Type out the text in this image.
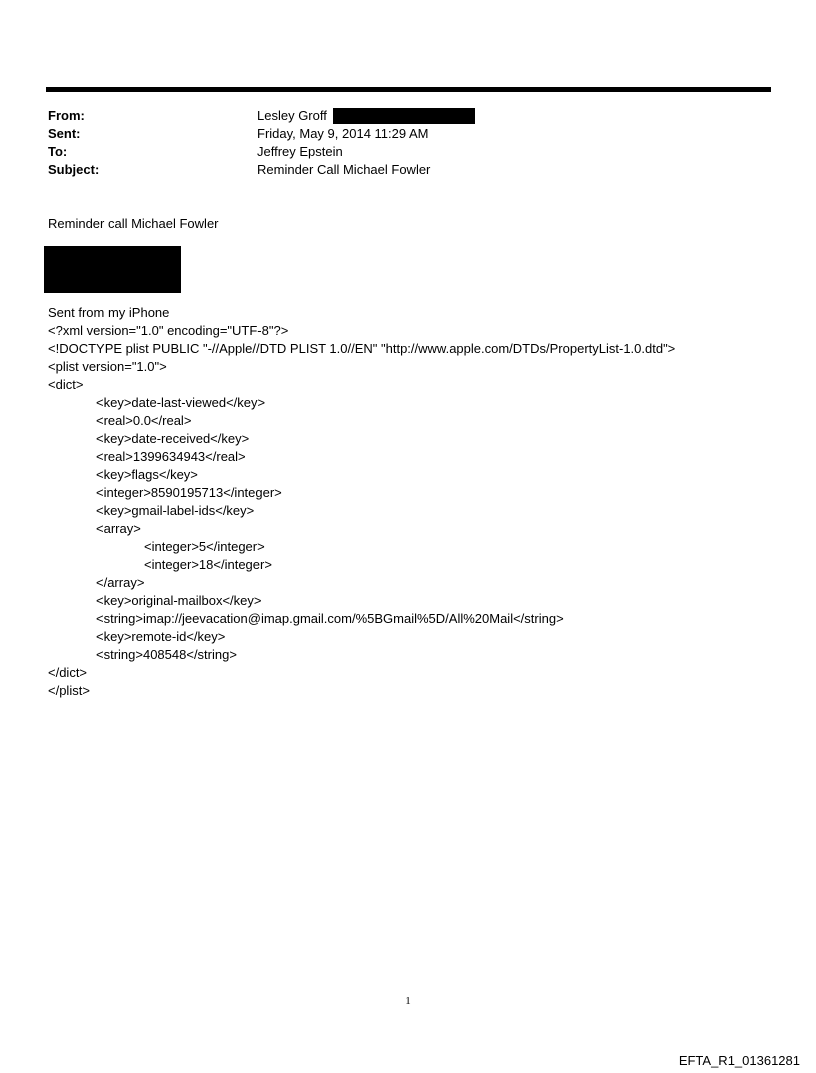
From:	Lesley Groff
Sent:	Friday, May 9, 2014 11:29 AM
To:	Jeffrey Epstein
Subject:	Reminder Call Michael Fowler
Reminder call Michael Fowler
Sent from my iPhone
<?xml version="1.0" encoding="UTF-8"?>
<!DOCTYPE plist PUBLIC "-//Apple//DTD PLIST 1.0//EN" "http://www.apple.com/DTDs/PropertyList-1.0.dtd">
<plist version="1.0">
<dict>
<key>date-last-viewed</key>
<real>0.0</real>
<key>date-received</key>
<real>1399634943</real>
<key>flags</key>
<integer>8590195713</integer>
<key>gmail-label-ids</key>
<array>
<integer>5</integer>
<integer>18</integer>
</array>
<key>original-mailbox</key>
<string>imap://jeevacation@imap.gmail.com/%5BGmail%5D/All%20Mail</string>
<key>remote-id</key>
<string>408548</string>
</dict>
</plist>
1
EFTA_R1_01361281
